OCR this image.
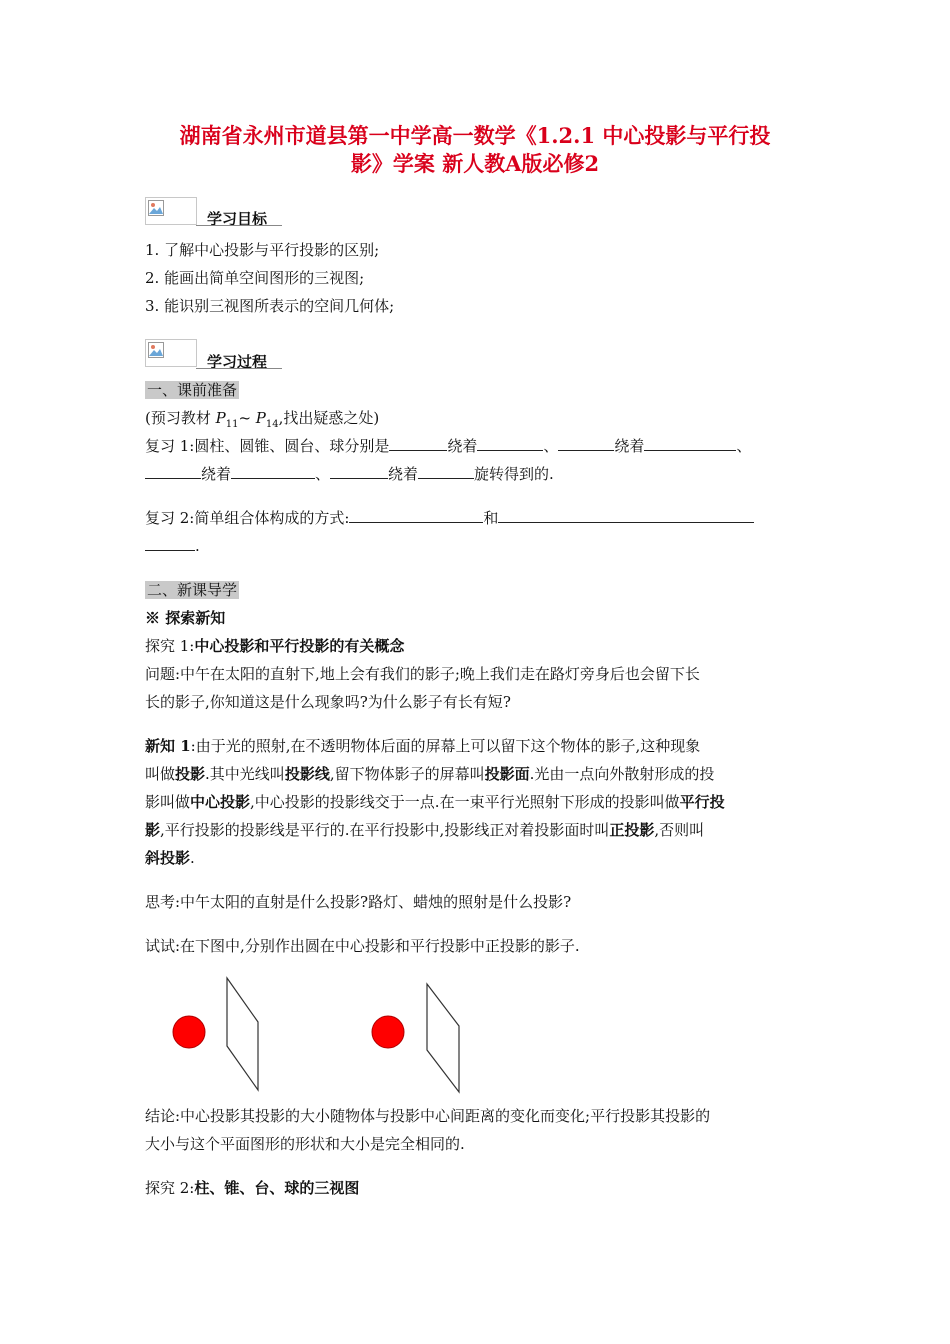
湖南省永州市道县第一中学高一数学《1.2.1 中心投影与平行投
影》学案 新人教A版必修2
学习目标
1. 了解中心投影与平行投影的区别;
2. 能画出简单空间图形的三视图;
3. 能识别三视图所表示的空间几何体;
学习过程
一、课前准备
(预习教材 $P_{11}\sim$ $P_{14}$,找出疑惑之处)
复习 1:圆柱、圆锥、圆台、球分别是	绕着	、	绕着	、
绕着	、	绕着	旋转得到的.
复习 2:简单组合体构成的方式:	和
.
二、新课导学
※ 探索新知
探究 1:中心投影和平行投影的有关概念
问题:中午在太阳的直射下,地上会有我们的影子;晚上我们走在路灯旁身后也会留下长
长的影子,你知道这是什么现象吗?为什么影子有长有短?
新知 1:由于光的照射,在不透明物体后面的屏幕上可以留下这个物体的影子,这种现象
叫做投影.其中光线叫投影线,留下物体影子的屏幕叫投影面.光由一点向外散射形成的投
影叫做中心投影,中心投影的投影线交于一点.在一束平行光照射下形成的投影叫做平行投
影,平行投影的投影线是平行的.在平行投影中,投影线正对着投影面时叫正投影,否则叫
斜投影.
思考:中午太阳的直射是什么投影?路灯、蜡烛的照射是什么投影?
试试:在下图中,分别作出圆在中心投影和平行投影中正投影的影子.
结论:中心投影其投影的大小随物体与投影中心间距离的变化而变化;平行投影其投影的
大小与这个平面图形的形状和大小是完全相同的.
探究 2:柱、锥、台、球的三视图
